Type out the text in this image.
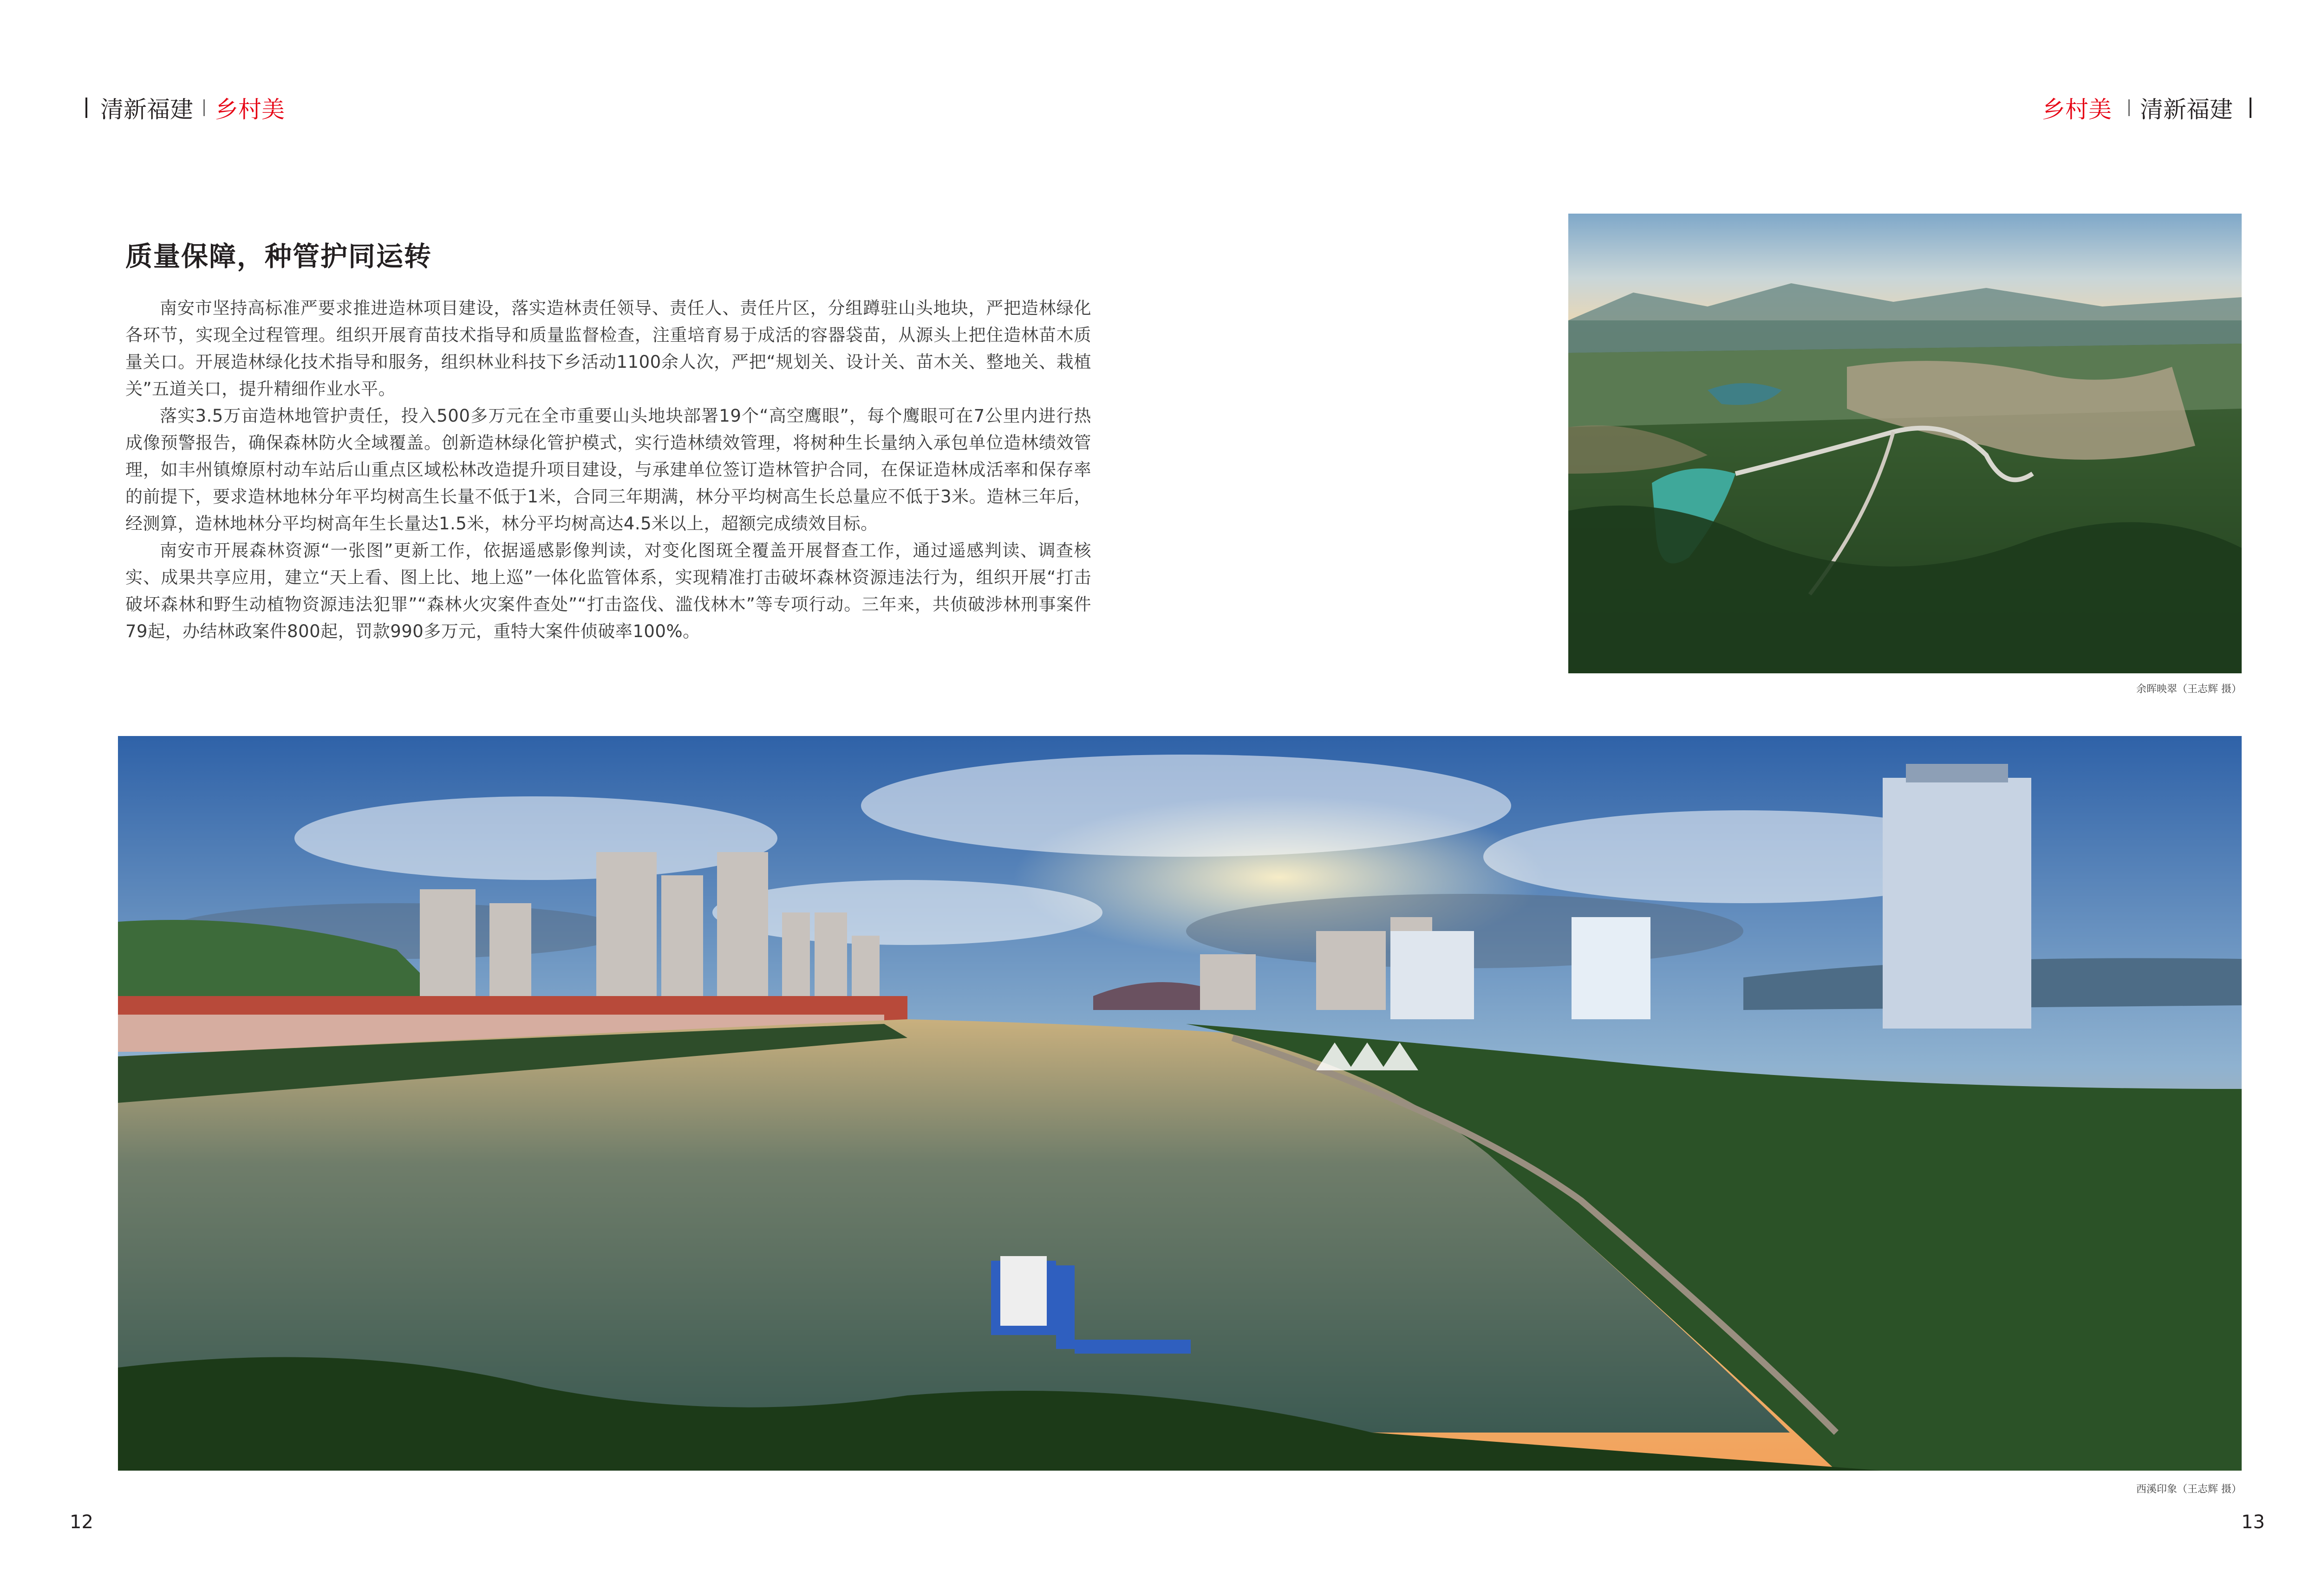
清新福建 乡村美	乡村美 清新福建
质量保障，种管护同运转

南安市坚持高标准严要求推进造林项目建设，落实造林责任领导、责任人、责任片区，分组蹲驻山头地块，严把造林绿化各环节，实现全过程管理。组织开展育苗技术指导和质量监督检查，注重培育易于成活的容器袋苗，从源头上把住造林苗木质量关口。开展造林绿化技术指导和服务，组织林业科技下乡活动1100余人次，严把“规划关、设计关、苗木关、整地关、栽植关”五道关口，提升精细作业水平。

落实3.5万亩造林地管护责任，投入500多万元在全市重要山头地块部署19个“高空鹰眼”，每个鹰眼可在7公里内进行热成像预警报告，确保森林防火全域覆盖。创新造林绿化管护模式，实行造林绩效管理，将树种生长量纳入承包单位造林绩效管理，如丰州镇燎原村动车站后山重点区域松林改造提升项目建设，与承建单位签订造林管护合同，在保证造林成活率和保存率的前提下，要求造林地林分年平均树高生长量不低于1米，合同三年期满，林分平均树高生长总量应不低于3米。造林三年后，经测算，造林地林分平均树高年生长量达1.5米，林分平均树高达4.5米以上，超额完成绩效目标。

南安市开展森林资源“一张图”更新工作，依据遥感影像判读，对变化图斑全覆盖开展督查工作，通过遥感判读、调查核实、成果共享应用，建立“天上看、图上比、地上巡”一体化监管体系，实现精准打击破坏森林资源违法行为，组织开展“打击破坏森林和野生动植物资源违法犯罪”“森林火灾案件查处”“打击盗伐、滥伐林木”等专项行动。三年来，共侦破涉林刑事案件79起，办结林政案件800起，罚款990多万元，重特大案件侦破率100%。

余晖映翠（王志辉 摄）
西溪印象（王志辉 摄）
12	13
